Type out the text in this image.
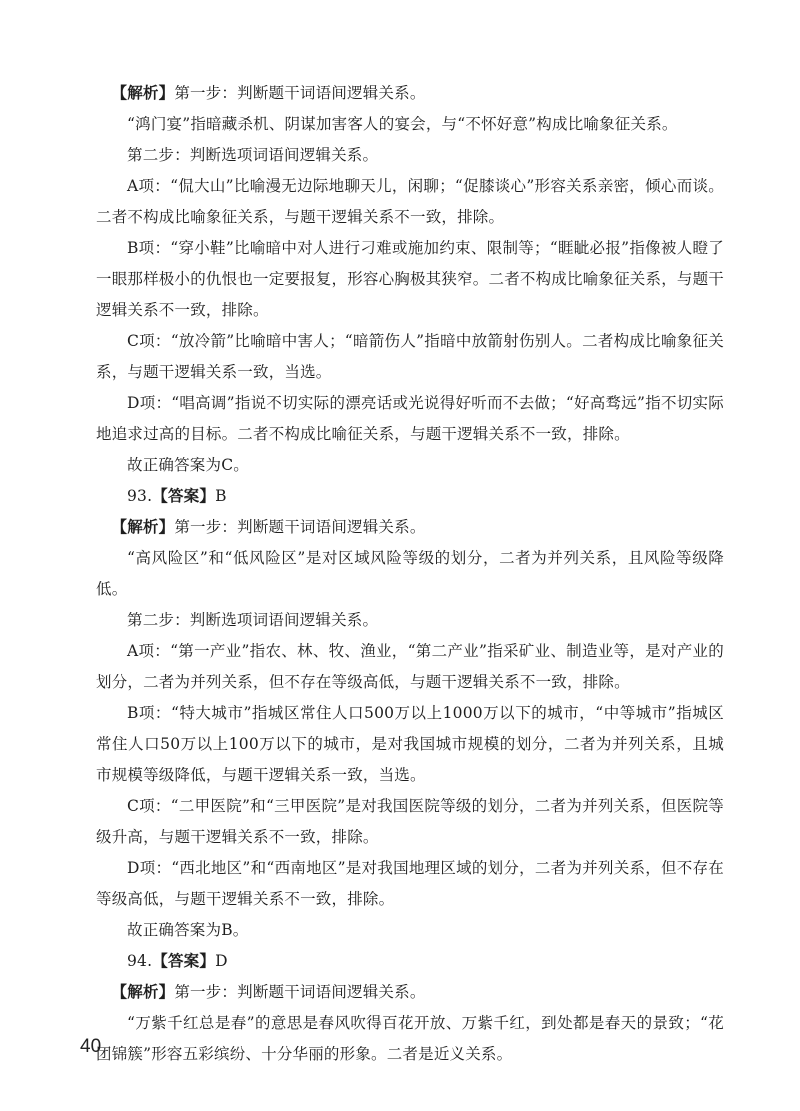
【解析】第一步：判断题干词语间逻辑关系。

“鸿门宴”指暗藏杀机、阴谋加害客人的宴会，与“不怀好意”构成比喻象征关系。

第二步：判断选项词语间逻辑关系。

A项：“侃大山”比喻漫无边际地聊天儿，闲聊；“促膝谈心”形容关系亲密，倾心而谈。二者不构成比喻象征关系，与题干逻辑关系不一致，排除。

B项：“穿小鞋”比喻暗中对人进行刁难或施加约束、限制等；“睚眦必报”指像被人瞪了一眼那样极小的仇恨也一定要报复，形容心胸极其狭窄。二者不构成比喻象征关系，与题干逻辑关系不一致，排除。

C项：“放冷箭”比喻暗中害人；“暗箭伤人”指暗中放箭射伤别人。二者构成比喻象征关系，与题干逻辑关系一致，当选。

D项：“唱高调”指说不切实际的漂亮话或光说得好听而不去做；“好高骛远”指不切实际地追求过高的目标。二者不构成比喻征关系，与题干逻辑关系不一致，排除。

故正确答案为C。

93.【答案】B

【解析】第一步：判断题干词语间逻辑关系。

“高风险区”和“低风险区”是对区域风险等级的划分，二者为并列关系，且风险等级降低。

第二步：判断选项词语间逻辑关系。

A项：“第一产业”指农、林、牧、渔业，“第二产业”指采矿业、制造业等，是对产业的划分，二者为并列关系，但不存在等级高低，与题干逻辑关系不一致，排除。

B项：“特大城市”指城区常住人口500万以上1000万以下的城市，“中等城市”指城区常住人口50万以上100万以下的城市，是对我国城市规模的划分，二者为并列关系，且城市规模等级降低，与题干逻辑关系一致，当选。

C项：“二甲医院”和“三甲医院”是对我国医院等级的划分，二者为并列关系，但医院等级升高，与题干逻辑关系不一致，排除。

D项：“西北地区”和“西南地区”是对我国地理区域的划分，二者为并列关系，但不存在等级高低，与题干逻辑关系不一致，排除。

故正确答案为B。

94.【答案】D

【解析】第一步：判断题干词语间逻辑关系。

“万紫千红总是春”的意思是春风吹得百花开放、万紫千红，到处都是春天的景致；“花团锦簇”形容五彩缤纷、十分华丽的形象。二者是近义关系。

40
